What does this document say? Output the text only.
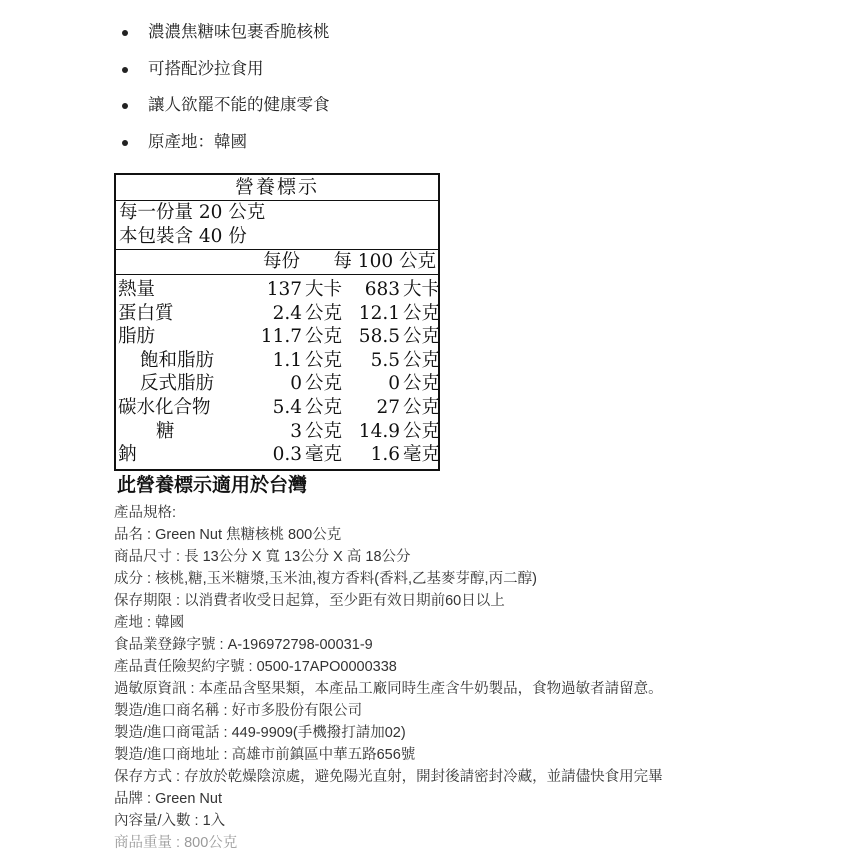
濃濃焦糖味包裹香脆核桃
可搭配沙拉食用
讓人欲罷不能的健康零食
原產地：韓國
營養標示
每一份量 20 公克
本包裝含 40 份
每份	每 100 公克
熱量	137 大卡	683 大卡
蛋白質	2.4 公克 12.1 公克
脂肪	11.7 公克 58.5 公克
飽和脂肪	1.1 公克	5.5 公克
反式脂肪	0 公克	0 公克
碳水化合物	5.4 公克	27 公克
糖	3 公克 14.9 公克
鈉	0.3 毫克	1.6 毫克
此營養標示適用於台灣
產品規格:
品名 : Green Nut 焦糖核桃 800公克
商品尺寸 : 長 13公分 X 寬 13公分 X 高 18公分
成分 : 核桃,糖,玉米糖漿,玉米油,複方香料(香料,乙基麥芽醇,丙二醇)
保存期限 : 以消費者收受日起算，至少距有效日期前60日以上
產地 : 韓國
食品業登錄字號 : A-196972798-00031-9
產品責任險契約字號 : 0500-17APO0000338
過敏原資訊 : 本產品含堅果類，本產品工廠同時生產含牛奶製品，食物過敏者請留意。
製造/進口商名稱 : 好市多股份有限公司
製造/進口商電話 : 449-9909(手機撥打請加02)
製造/進口商地址 : 高雄市前鎮區中華五路656號
保存方式 : 存放於乾燥陰涼處，避免陽光直射，開封後請密封冷藏，並請儘快食用完畢
品牌 : Green Nut
內容量/入數 : 1入
商品重量 : 800公克
